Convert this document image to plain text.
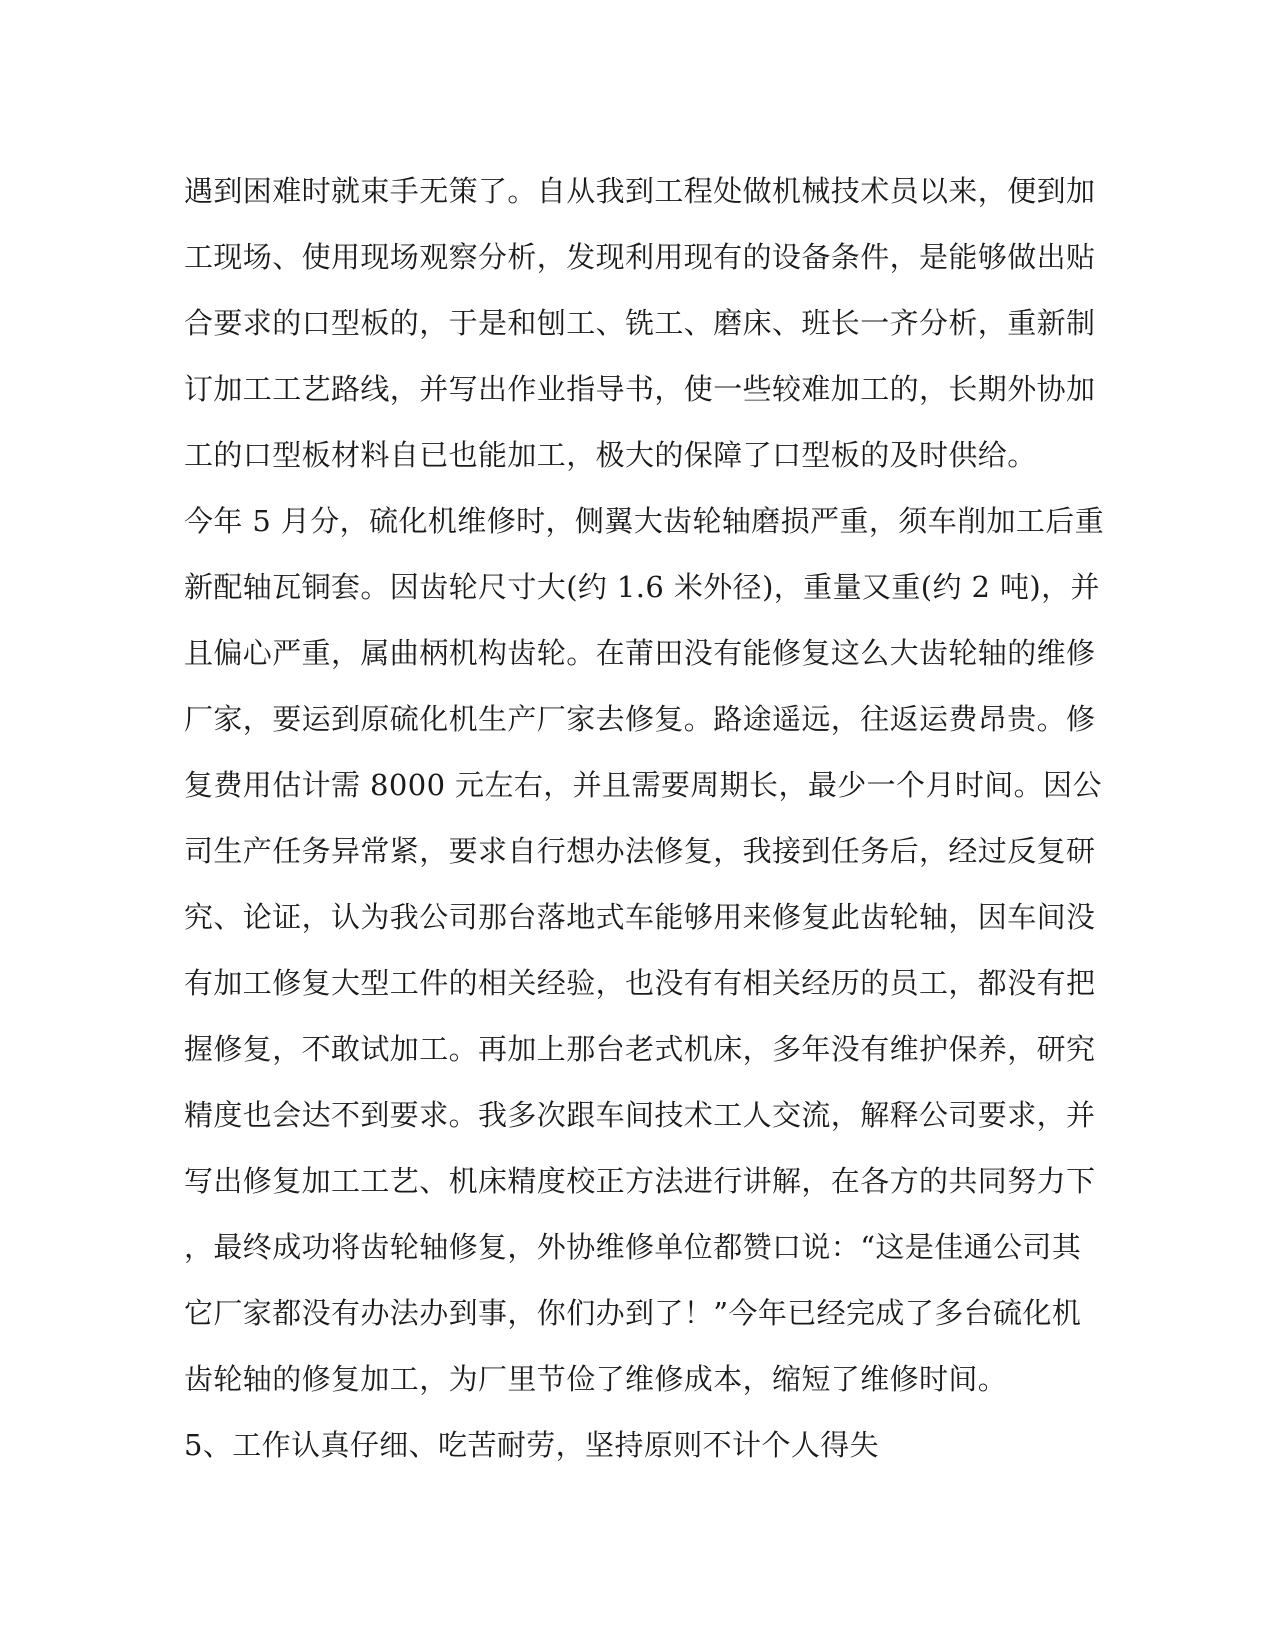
遇到困难时就束手无策了。自从我到工程处做机械技术员以来，便到加
工现场、使用现场观察分析，发现利用现有的设备条件，是能够做出贴
合要求的口型板的，于是和刨工、铣工、磨床、班长一齐分析，重新制
订加工工艺路线，并写出作业指导书，使一些较难加工的，长期外协加
工的口型板材料自已也能加工，极大的保障了口型板的及时供给。
今年 5 月分，硫化机维修时，侧翼大齿轮轴磨损严重，须车削加工后重
新配轴瓦铜套。因齿轮尺寸大(约 1.6 米外径)，重量又重(约 2 吨)，并
且偏心严重，属曲柄机构齿轮。在莆田没有能修复这么大齿轮轴的维修
厂家，要运到原硫化机生产厂家去修复。路途遥远，往返运费昂贵。修
复费用估计需 8000 元左右，并且需要周期长，最少一个月时间。因公
司生产任务异常紧，要求自行想办法修复，我接到任务后，经过反复研
究、论证，认为我公司那台落地式车能够用来修复此齿轮轴，因车间没
有加工修复大型工件的相关经验，也没有有相关经历的员工，都没有把
握修复，不敢试加工。再加上那台老式机床，多年没有维护保养，研究
精度也会达不到要求。我多次跟车间技术工人交流，解释公司要求，并
写出修复加工工艺、机床精度校正方法进行讲解，在各方的共同努力下
，最终成功将齿轮轴修复，外协维修单位都赞口说：“这是佳通公司其
它厂家都没有办法办到事，你们办到了！”今年已经完成了多台硫化机
齿轮轴的修复加工，为厂里节俭了维修成本，缩短了维修时间。
5、工作认真仔细、吃苦耐劳，坚持原则不计个人得失
